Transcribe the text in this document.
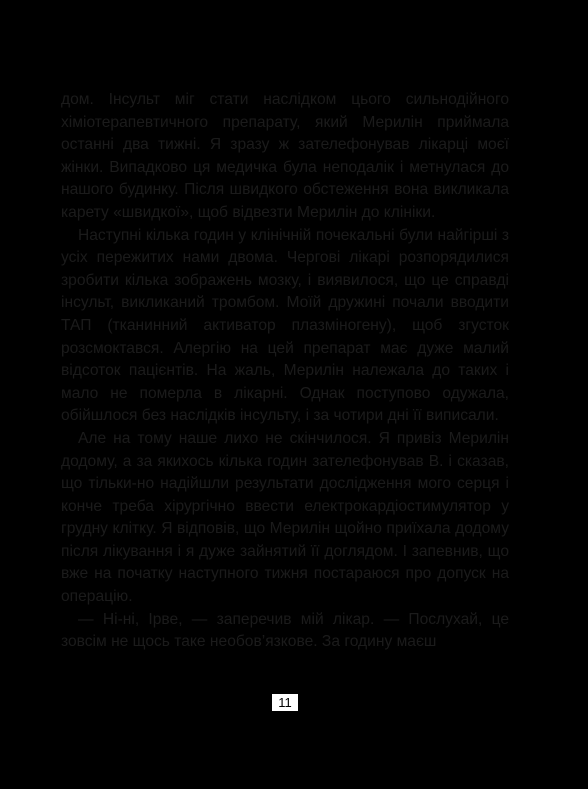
дом. Інсульт міг стати наслідком цього сильнодійного хіміотерапевтичного препарату, який Мерилін приймала останні два тижні. Я зразу ж зателефонував лікарці моєї жінки. Випадково ця медичка була неподалік і метнулася до нашого будинку. Після швидкого обстеження вона викликала карету «швидкої», щоб відвезти Мерилін до клініки.

Наступні кілька годин у клінічній почекальні були найгірші з усіх пережитих нами двома. Чергові лікарі розпорядилися зробити кілька зображень мозку, і виявилося, що це справді інсульт, викликаний тромбом. Моїй дружині почали вводити ТАП (тканинний активатор плазміногену), щоб згусток розсмоктався. Алергію на цей препарат має дуже малий відсоток пацієнтів. На жаль, Мерилін належала до таких і мало не померла в лікарні. Однак поступово одужала, обійшлося без наслідків інсульту, і за чотири дні її виписали.

Але на тому наше лихо не скінчилося. Я привіз Мерилін додому, а за якихось кілька годин зателефонував В. і сказав, що тільки-но надійшли результати дослідження мого серця і конче треба хірургічно ввести електрокардіостимулятор у грудну клітку. Я відповів, що Мерилін щойно приїхала додому після лікування і я дуже зайнятий її доглядом. І запевнив, що вже на початку наступного тижня постараюся про допуск на операцію.

— Ні-ні, Ірве, — заперечив мій лікар. — Послухай, це зовсім не щось таке необов’язкове. За годину маєш

11
